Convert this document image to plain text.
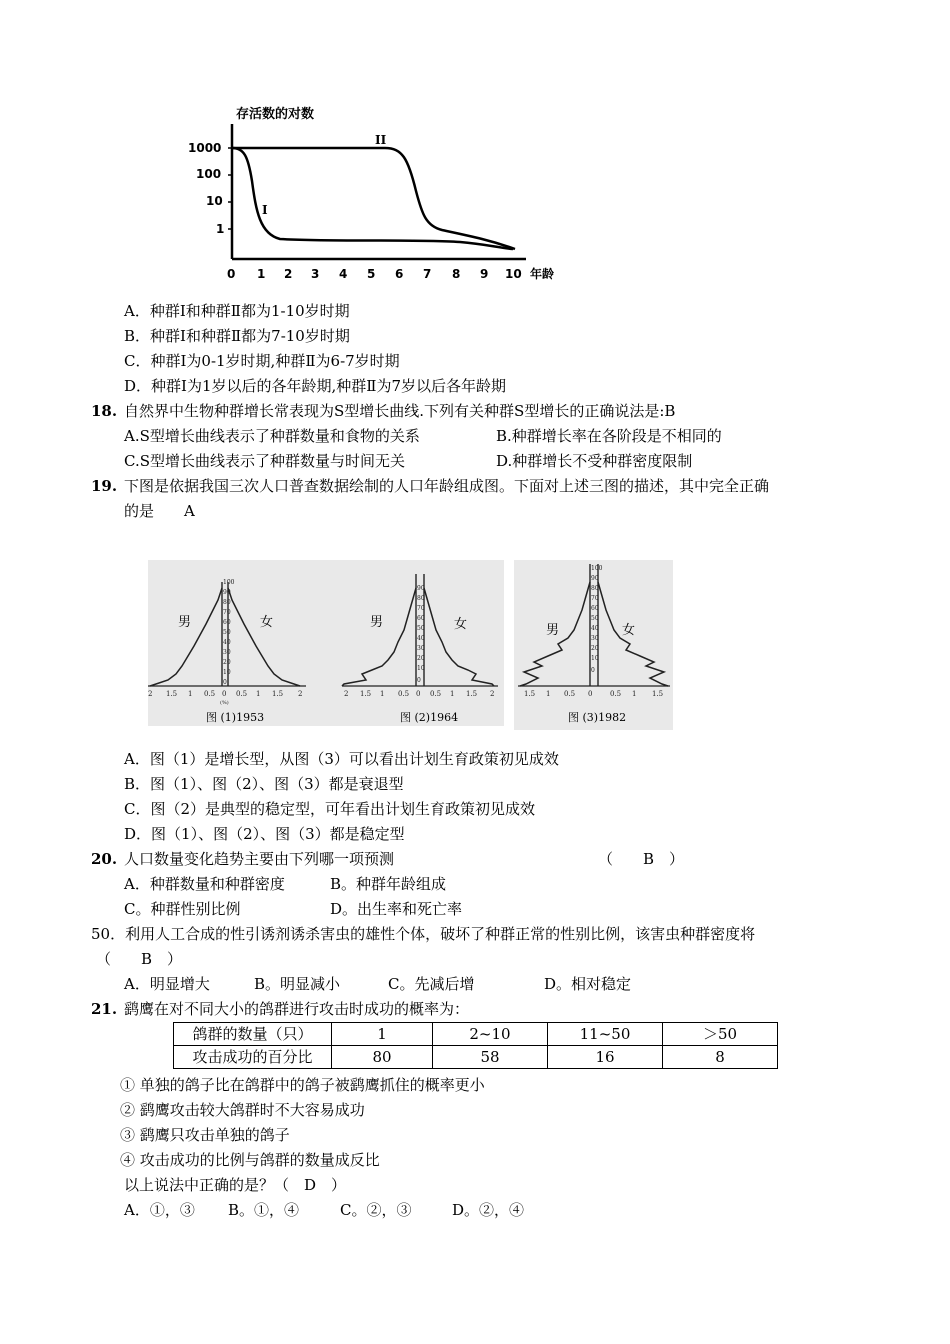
存活数的对数
1000
100
10
1
0 1 2 3 4 5 6 7 8 9 10 年龄
II
I
A．种群Ⅰ和种群Ⅱ都为1-10岁时期
B．种群Ⅰ和种群Ⅱ都为7-10岁时期
C．种群Ⅰ为0-1岁时期,种群Ⅱ为6-7岁时期
D．种群Ⅰ为1岁以后的各年龄期,种群Ⅱ为7岁以后各年龄期
18. 自然界中生物种群增长常表现为S型增长曲线.下列有关种群S型增长的正确说法是:B
A.S型增长曲线表示了种群数量和食物的关系	B.种群增长率在各阶段是不相同的
C.S型增长曲线表示了种群数量与时间无关	D.种群增长不受种群密度限制
19. 下图是依据我国三次人口普查数据绘制的人口年龄组成图。下面对上述三图的描述，其中完全正确
的是　　A
100
90
80
70
60
50
40
30
20
10
0
2 1.5 1 0.5 0 0.5 1 1.5 2
(%)
男	女
图 (1)1953
90
80
70
60
50
40
30
20
10
0
2 1.5 1 0.5 0 0.5 1 1.5 2
男	女
图 (2)1964
100
90
80
70
60
50
40
30
20
10
0
1.5 1 0.5 0	0.5 1 1.5
男	女
图 (3)1982
A．图（1）是增长型，从图（3）可以看出计划生育政策初见成效
B．图（1）、图（2）、图（3）都是衰退型
C．图（2）是典型的稳定型，可年看出计划生育政策初见成效
D．图（1）、图（2）、图（3）都是稳定型
20. 人口数量变化趋势主要由下列哪一项预测	（　　B　）
A．种群数量和种群密度	B。种群年龄组成
C。种群性别比例	D。出生率和死亡率
50．利用人工合成的性引诱剂诱杀害虫的雄性个体，破坏了种群正常的性别比例，该害虫种群密度将
（　　B　）
A．明显增大	B。明显减小	C。先减后增	D。相对稳定
21. 鹞鹰在对不同大小的鸽群进行攻击时成功的概率为：
鸽群的数量（只）	1	2~10	11~50	＞50
攻击成功的百分比	80	58	16	8
① 单独的鸽子比在鸽群中的鸽子被鹞鹰抓住的概率更小
② 鹞鹰攻击较大鸽群时不大容易成功
③ 鹞鹰只攻击单独的鸽子
④ 攻击成功的比例与鸽群的数量成反比
以上说法中正确的是？（　D　）
A．①，③ B。①，④	C。②，③	D。②，④
